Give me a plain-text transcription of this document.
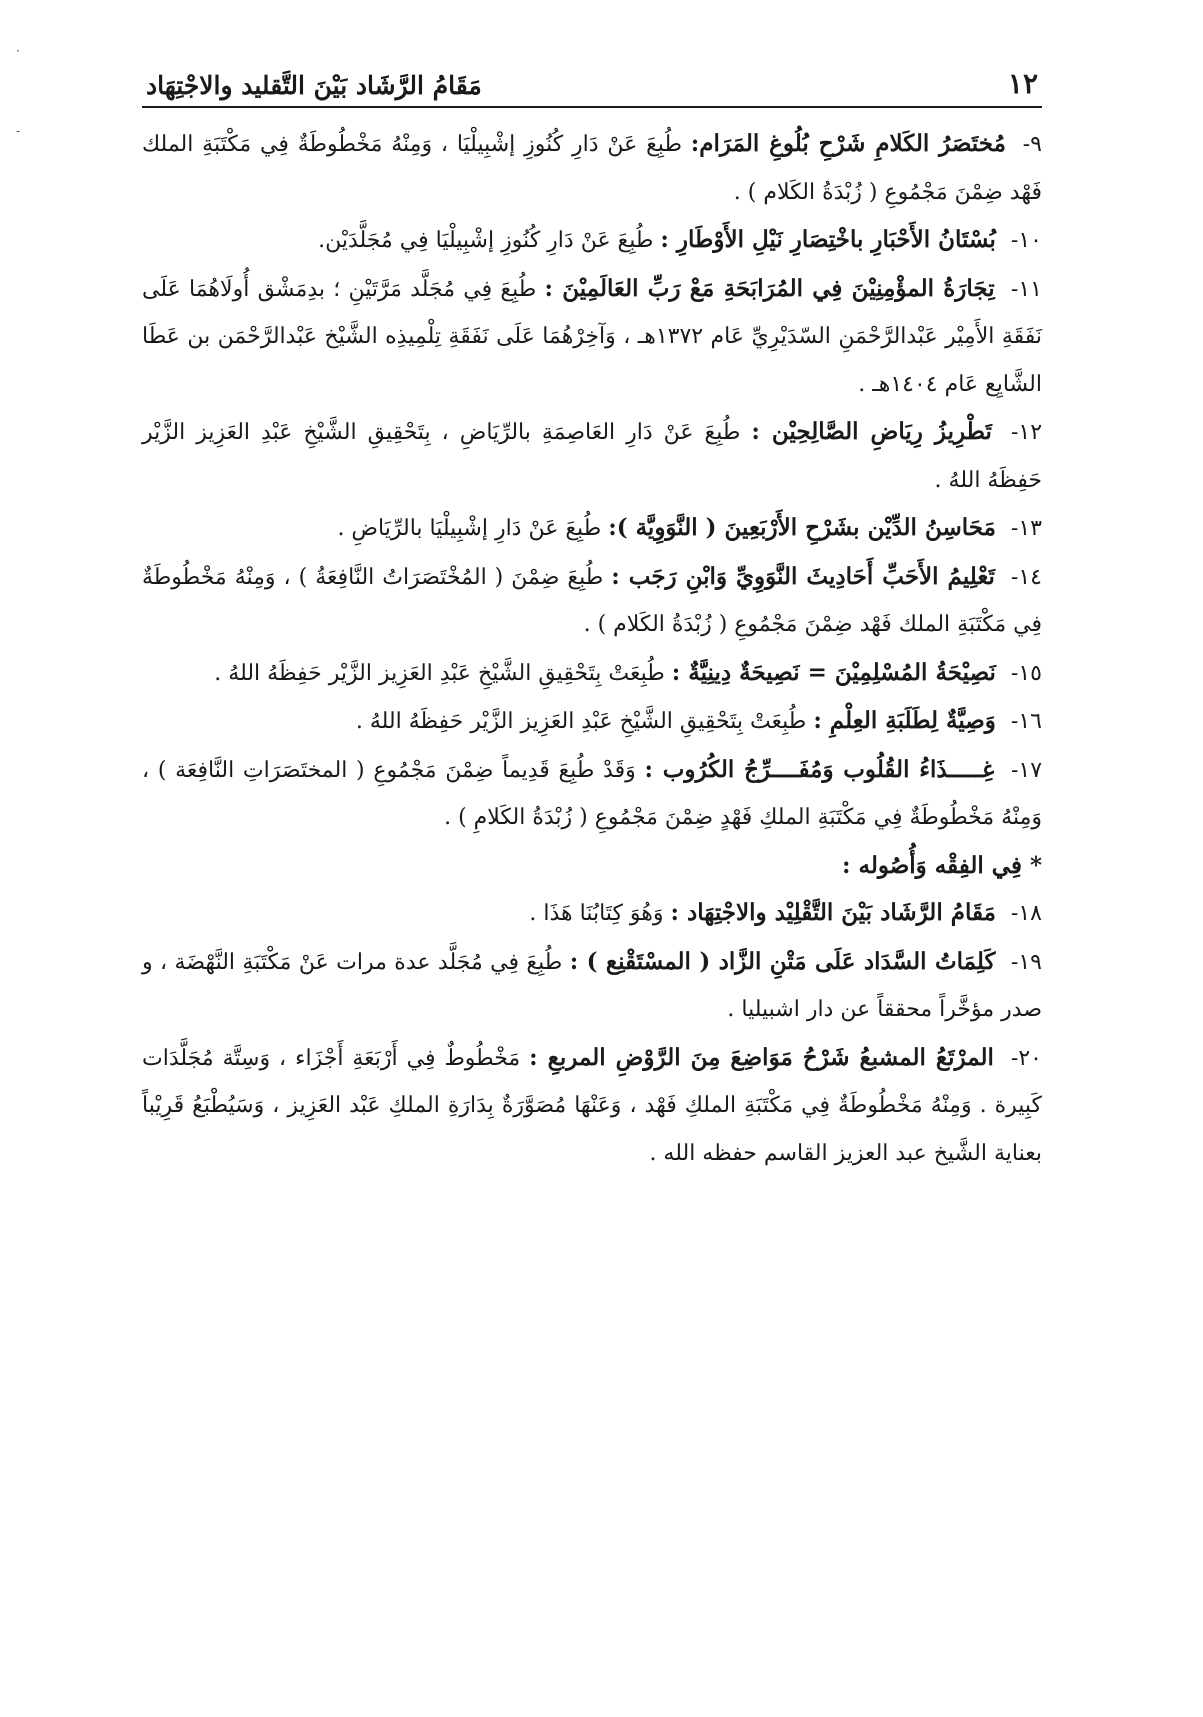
·
-
١٢
مَقَامُ الرَّشَاد بَيْنَ التَّقليد والاجْتِهَاد

٩- مُختَصَرُ الكَلامِ شَرْحِ بُلُوغِ المَرَام: طُبِعَ عَنْ دَارِ كُنُوزِ إشْبِيلْيَا ، وَمِنْهُ مَخْطُوطَةٌ فِي مَكْتَبَةِ الملك فَهْد ضِمْنَ مَجْمُوعِ ( زُبْدَةُ الكَلام ) .

١٠- بُسْتَانُ الأَحْبَارِ باخْتِصَارِ نَيْلِ الأَوْطَارِ : طُبِعَ عَنْ دَارِ كُنُوزِ إشْبِيلْيَا فِي مُجَلَّدَيْن.

١١- تِجَارَةُ المؤْمِنِيْنَ فِي المُرَابَحَةِ مَعْ رَبِّ العَالَمِيْنَ : طُبِعَ فِي مُجَلَّد مَرَّتَيْنِ ؛ بدِمَشْق أُولَاهُمَا عَلَى نَفَقَةِ الأَمِيْر عَبْدالرَّحْمَنِ السّدَيْرِيِّ عَام ١٣٧٢هـ ، وَآخِرْهُمَا عَلَى نَفَقَةِ تِلْمِيذِه الشَّيْخ عَبْدالرَّحْمَن بن عَطَا الشَّايِع عَام ١٤٠٤هـ .

١٢- تَطْرِيزُ رِيَاضِ الصَّالِحِيْن : طُبِعَ عَنْ دَارِ العَاصِمَةِ بالرِّيَاضِ ، بِتَحْقِيقِ الشَّيْخِ عَبْدِ العَزِيز الزَّيْر حَفِظَهُ اللهُ .

١٣- مَحَاسِنُ الدِّيْن بشَرْحِ الأَرْبَعِينَ ( النَّوَوِيَّة ): طُبِعَ عَنْ دَارِ إشْبِيلْيَا بالرِّيَاضِ .

١٤- تَعْلِيمُ الأَحَبِّ أَحَادِيثَ النَّوَوِيِّ وَابْنِ رَجَب : طُبِعَ ضِمْنَ ( المُخْتَصَرَاتُ النَّافِعَةُ ) ، وَمِنْهُ مَخْطُوطَةٌ فِي مَكْتَبَةِ الملك فَهْد ضِمْنَ مَجْمُوعِ ( زُبْدَةُ الكَلام ) .

١٥- نَصِيْحَةُ المُسْلِمِيْنَ = نَصِيحَةٌ دِينِيَّةٌ : طُبِعَتْ بِتَحْقِيقِ الشَّيْخِ عَبْدِ العَزِيز الزَّيْر حَفِظَهُ اللهُ .

١٦- وَصِيَّةٌ لِطَلَبَةِ العِلْمِ : طُبِعَتْ بِتَحْقِيقِ الشَّيْخِ عَبْدِ العَزِيز الزَّيْر حَفِظَهُ اللهُ .

١٧- غِـــــذَاءُ القُلُوب وَمُفَــــرِّجُ الكُرُوب : وَقَدْ طُبِعَ قَدِيماً ضِمْنَ مَجْمُوعِ ( المختَصَرَاتِ النَّافِعَة ) ، وَمِنْهُ مَخْطُوطَةٌ فِي مَكْتَبَةِ الملكِ فَهْدٍ ضِمْنَ مَجْمُوعِ ( زُبْدَةُ الكَلامِ ) .

* فِي الفِقْه وَأُصُوله :

١٨- مَقَامُ الرَّشَاد بَيْنَ التَّقْلِيْد والاجْتِهَاد : وَهُوَ كِتَابُنَا هَذَا .

١٩- كَلِمَاتُ السَّدَاد عَلَى مَتْنِ الزَّاد ( المسْتَقْنِع ) : طُبِعَ فِي مُجَلَّد عدة مرات عَنْ مَكْتَبَةِ النَّهْضَة ، و صدر مؤخَّراً محققاً عن دار اشبيليا .

٢٠- المرْتَعُ المشبعُ شَرْحُ مَوَاضِعَ مِنَ الرَّوْضِ المربعِ : مَخْطُوطٌ فِي أَرْبَعَةِ أَجْزَاء ، وَسِتَّة مُجَلَّدَات كَبِيرة . وَمِنْهُ مَخْطُوطَةٌ فِي مَكْتَبَةِ الملكِ فَهْد ، وَعَنْهَا مُصَوَّرَةٌ بِدَارَةِ الملكِ عَبْد العَزِيز ، وَسَيُطْبَعُ قَرِيْباً بعناية الشَّيخ عبد العزيز القاسم حفظه الله .
